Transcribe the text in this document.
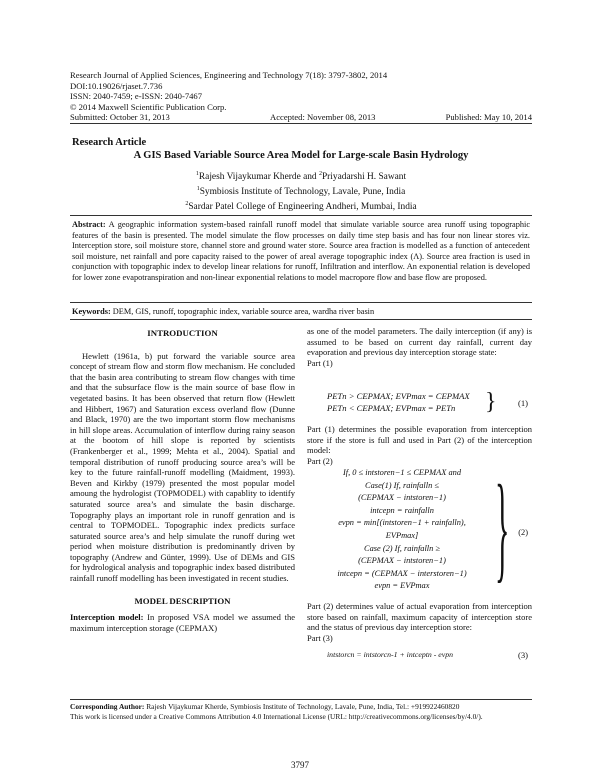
Research Journal of Applied Sciences, Engineering and Technology 7(18): 3797-3802, 2014
DOI:10.19026/rjaset.7.736
ISSN: 2040-7459; e-ISSN: 2040-7467
© 2014 Maxwell Scientific Publication Corp.
Submitted: October 31, 2013	Accepted: November 08, 2013	Published: May 10, 2014
Research Article
A GIS Based Variable Source Area Model for Large-scale Basin Hydrology
$^1$Rajesh Vijaykumar Kherde and $^2$Priyadarshi H. Sawant
$^1$Symbiosis Institute of Technology, Lavale, Pune, India
$^2$Sardar Patel College of Engineering Andheri, Mumbai, India
Abstract: A geographic information system-based rainfall runoff model that simulate variable source area runoff using topographic features of the basin is presented. The model simulate the flow processes on daily time step basis and has four non linear stores viz. Interception store, soil moisture store, channel store and ground water store. Source area fraction is modelled as a function of antecedent soil moisture, net rainfall and pore capacity raised to the power of areal average topographic index (Λ). Source area fraction is used in conjunction with topographic index to develop linear relations for runoff, Infiltration and interflow. An exponential relation is developed for lower zone evapotranspiration and non-linear exponential relations to model macropore flow and base flow are proposed.
Keywords: DEM, GIS, runoff, topographic index, variable source area, wardha river basin
INTRODUCTION

Hewlett (1961a, b) put forward the variable source area concept of stream flow and storm flow mechanism. He concluded that the basin area contributing to stream flow changes with time and that the subsurface flow is the main source of base flow in vegetated basins. It has been observed that return flow (Hewlett and Hibbert, 1967) and Saturation excess overland flow (Dunne and Black, 1970) are the two important storm flow mechanisms in hill slope areas. Accumulation of interflow during rainy season at the bootom of hill slope is reported by scientists (Frankenberger et al., 1999; Mehta et al., 2004). Spatial and temporal distribution of runoff producing source area’s will be key to the future rainfall-runoff modelling (Maidment, 1993). Beven and Kirkby (1979) presented the most popular model amoung the hydrologist (TOPMODEL) with capablity to identify saturated source area’s and simulate the basin discharge. Topography plays an important role in runoff genration and is central to TOPMODEL. Topographic index predicts surface saturated source area’s and help simulate the runoff during wet period when moisture distribution is predominantly driven by topography (Andrew and Günter, 1999). Use of DEMs and GIS for hydrological analysis and topographic index based distributed rainfall runoff modelling has been investigated in recent studies.

MODEL DESCRIPTION

Interception model: In proposed VSA model we assumed the maximum interception storage (CEPMAX)

as one of the model parameters. The daily interception (if any) is assumed to be based on current day rainfall, current day evaporation and previous day interception storage state:

Part (1)
PETn > CEPMAX; EVPmax = CEPMAX
PETn < CEPMAX; EVPmax = PETn	} (1)

Part (1) determines the possible evaporation from interception store if the store is full and used in Part (2) of the interception model:

Part (2)
If, 0 ≤ intstoren−1 ≤ CEPMAX and
Case(1) If, rainfalln ≤
(CEPMAX − intstoren−1)
intcepn = rainfalln
evpn = min[(intstoren−1 + rainfalln),
EVPmax]
Case (2) If, rainfalln ≥
(CEPMAX − intstoren−1)
intcepn = (CEPMAX − interstoren−1)
evpn = EVPmax } (2)

Part (2) determines value of actual evaporation from interception store based on rainfall, maximum capacity of interception store and the status of previous day interception store:

Part (3)
intstorcn = intstorcn-1 + intceptn - evpn	(3)
Corresponding Author: Rajesh Vijaykumar Kherde, Symbiosis Institute of Technology, Lavale, Pune, India, Tel.: +919922460820
This work is licensed under a Creative Commons Attribution 4.0 International License (URL: http://creativecommons.org/licenses/by/4.0/).
3797
